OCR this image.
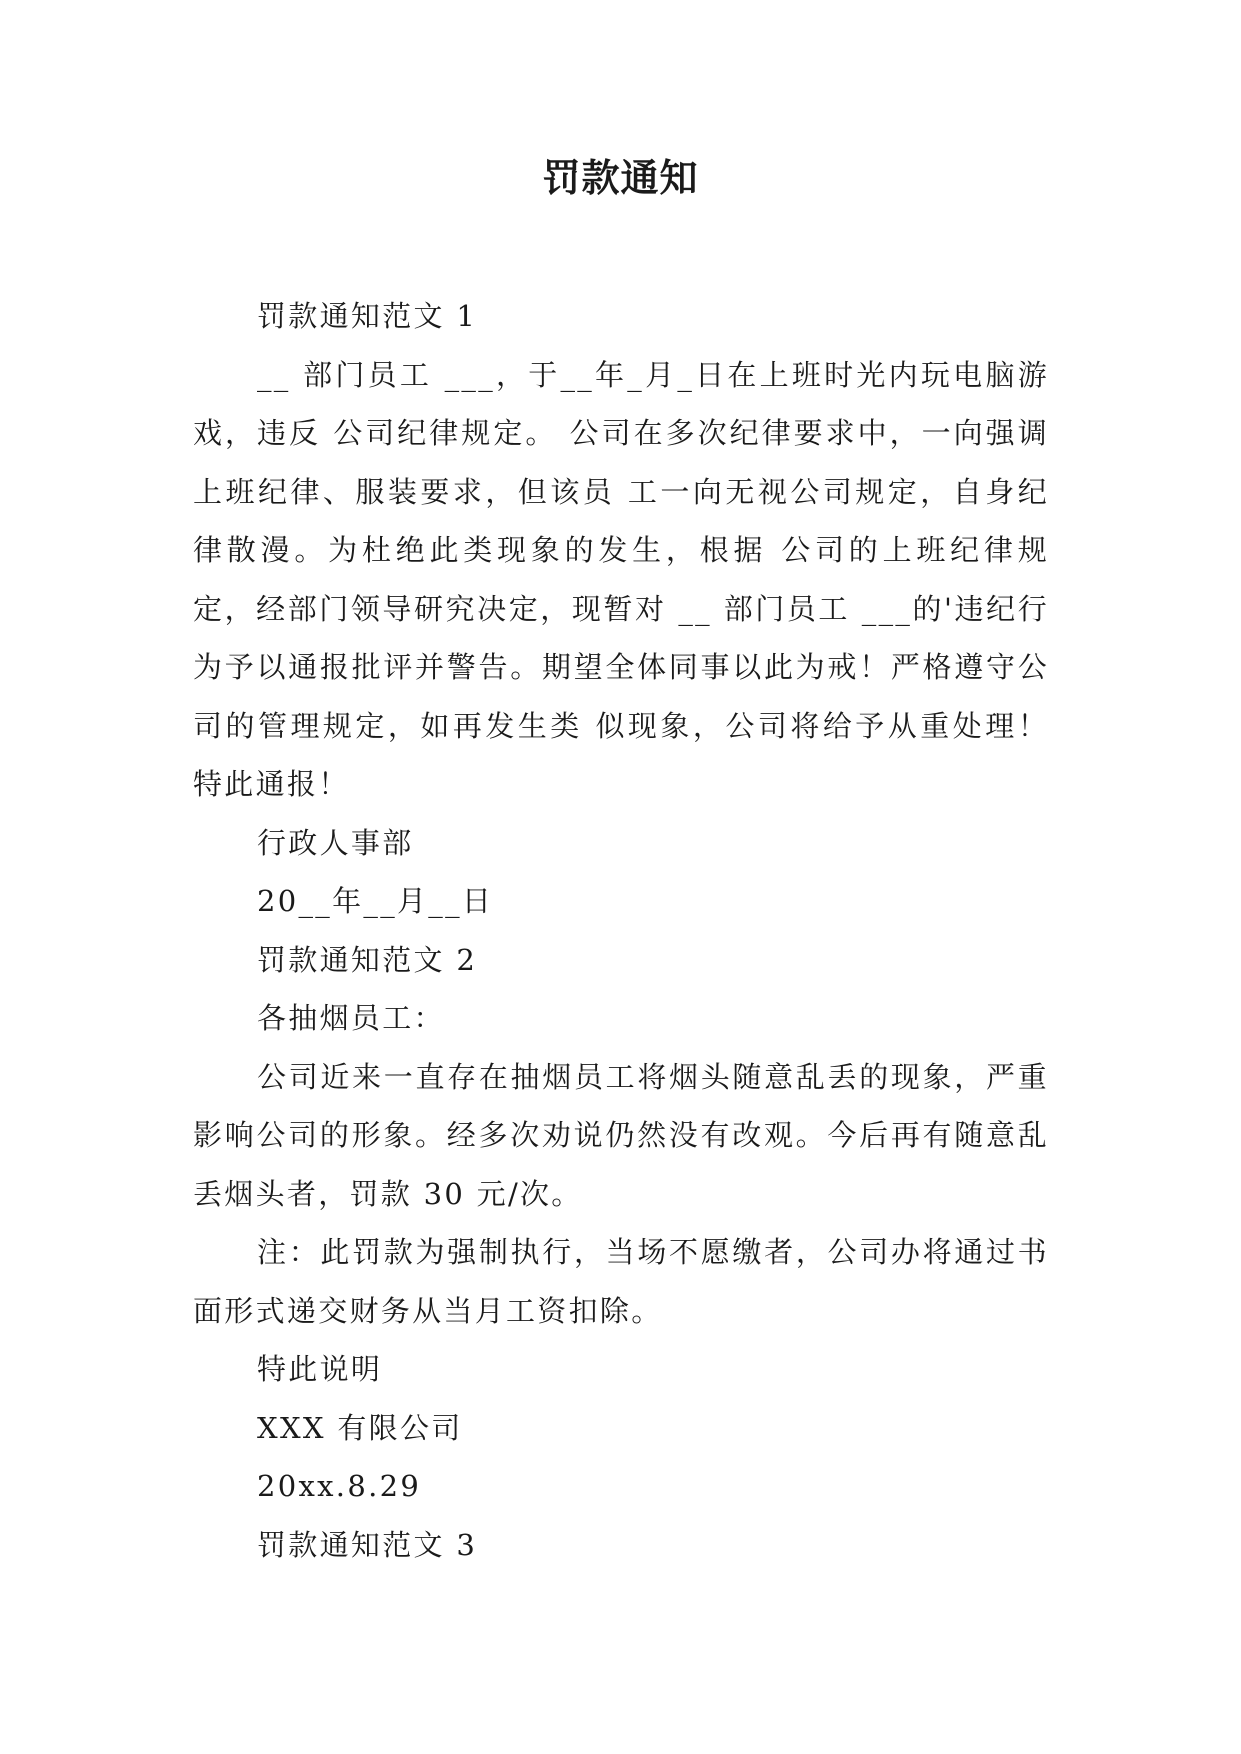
罚款通知

罚款通知范文 1

__ 部门员工 ___，于__年_月_日在上班时光内玩电脑游戏，违反 公司纪律规定。 公司在多次纪律要求中，一向强调上班纪律、服装要求，但该员 工一向无视公司规定，自身纪律散漫。为杜绝此类现象的发生，根据 公司的上班纪律规定，经部门领导研究决定，现暂对 __ 部门员工 ___的'违纪行为予以通报批评并警告。期望全体同事以此为戒！严格遵守公司的管理规定，如再发生类 似现象，公司将给予从重处理！ 特此通报！

行政人事部

20__年__月__日

罚款通知范文 2

各抽烟员工：

公司近来一直存在抽烟员工将烟头随意乱丢的现象，严重影响公司的形象。经多次劝说仍然没有改观。今后再有随意乱丢烟头者，罚款 30 元/次。

注：此罚款为强制执行，当场不愿缴者，公司办将通过书面形式递交财务从当月工资扣除。

特此说明

XXX 有限公司

20xx.8.29

罚款通知范文 3
